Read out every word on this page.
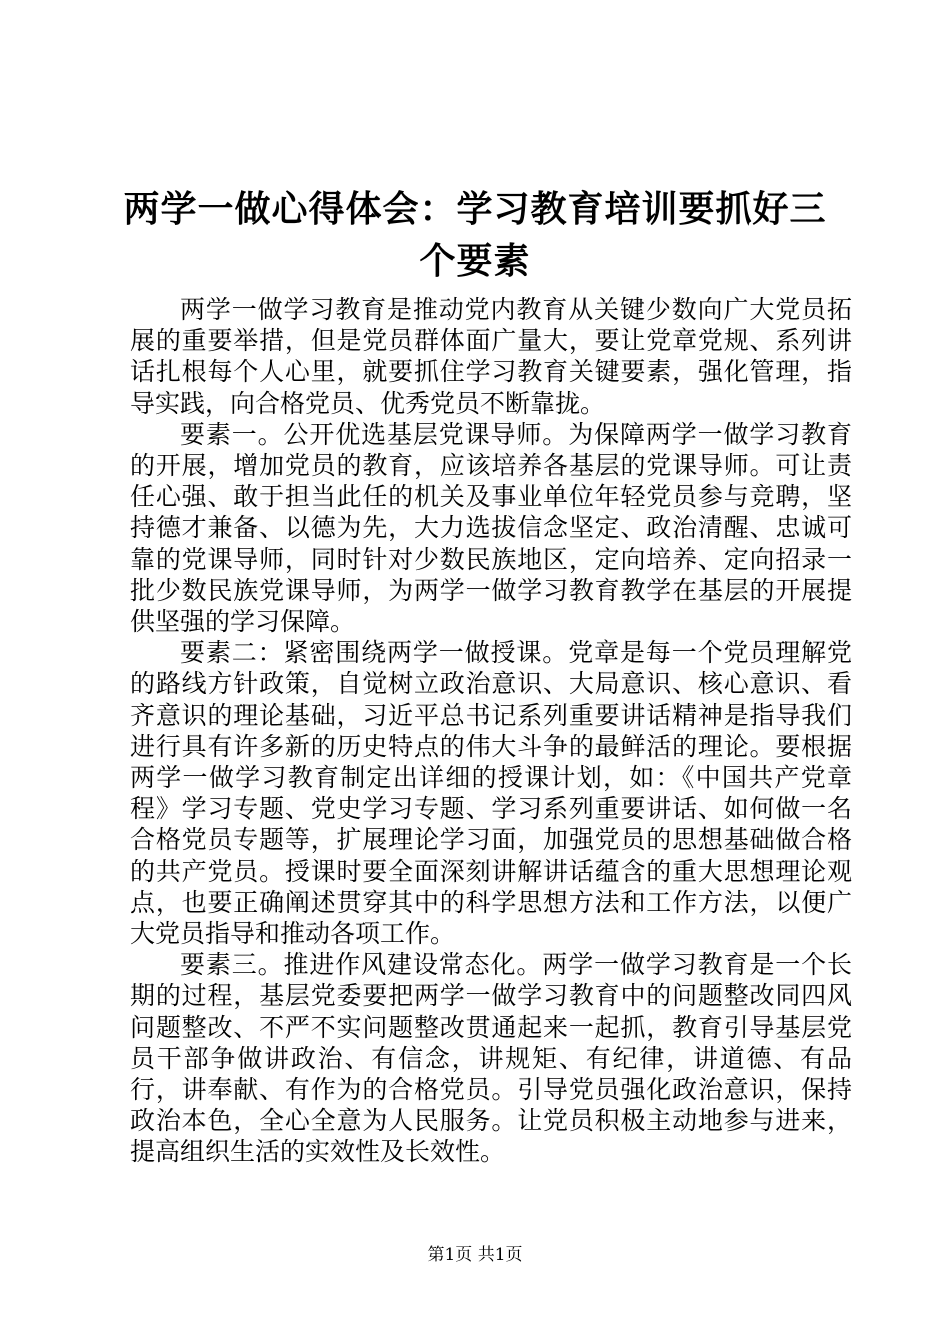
两学一做心得体会：学习教育培训要抓好三个要素

两学一做学习教育是推动党内教育从关键少数向广大党员拓展的重要举措，但是党员群体面广量大，要让党章党规、系列讲话扎根每个人心里，就要抓住学习教育关键要素，强化管理，指导实践，向合格党员、优秀党员不断靠拢。

要素一。公开优选基层党课导师。为保障两学一做学习教育的开展，增加党员的教育，应该培养各基层的党课导师。可让责任心强、敢于担当此任的机关及事业单位年轻党员参与竞聘，坚持德才兼备、以德为先，大力选拔信念坚定、政治清醒、忠诚可靠的党课导师，同时针对少数民族地区，定向培养、定向招录一批少数民族党课导师，为两学一做学习教育教学在基层的开展提供坚强的学习保障。

要素二：紧密围绕两学一做授课。党章是每一个党员理解党的路线方针政策，自觉树立政治意识、大局意识、核心意识、看齐意识的理论基础，习近平总书记系列重要讲话精神是指导我们进行具有许多新的历史特点的伟大斗争的最鲜活的理论。要根据两学一做学习教育制定出详细的授课计划，如：《中国共产党章程》学习专题、党史学习专题、学习系列重要讲话、如何做一名合格党员专题等，扩展理论学习面，加强党员的思想基础做合格的共产党员。授课时要全面深刻讲解讲话蕴含的重大思想理论观点，也要正确阐述贯穿其中的科学思想方法和工作方法，以便广大党员指导和推动各项工作。

要素三。推进作风建设常态化。两学一做学习教育是一个长期的过程，基层党委要把两学一做学习教育中的问题整改同四风问题整改、不严不实问题整改贯通起来一起抓，教育引导基层党员干部争做讲政治、有信念，讲规矩、有纪律，讲道德、有品行，讲奉献、有作为的合格党员。引导党员强化政治意识，保持政治本色，全心全意为人民服务。让党员积极主动地参与进来，提高组织生活的实效性及长效性。

第1页 共1页
